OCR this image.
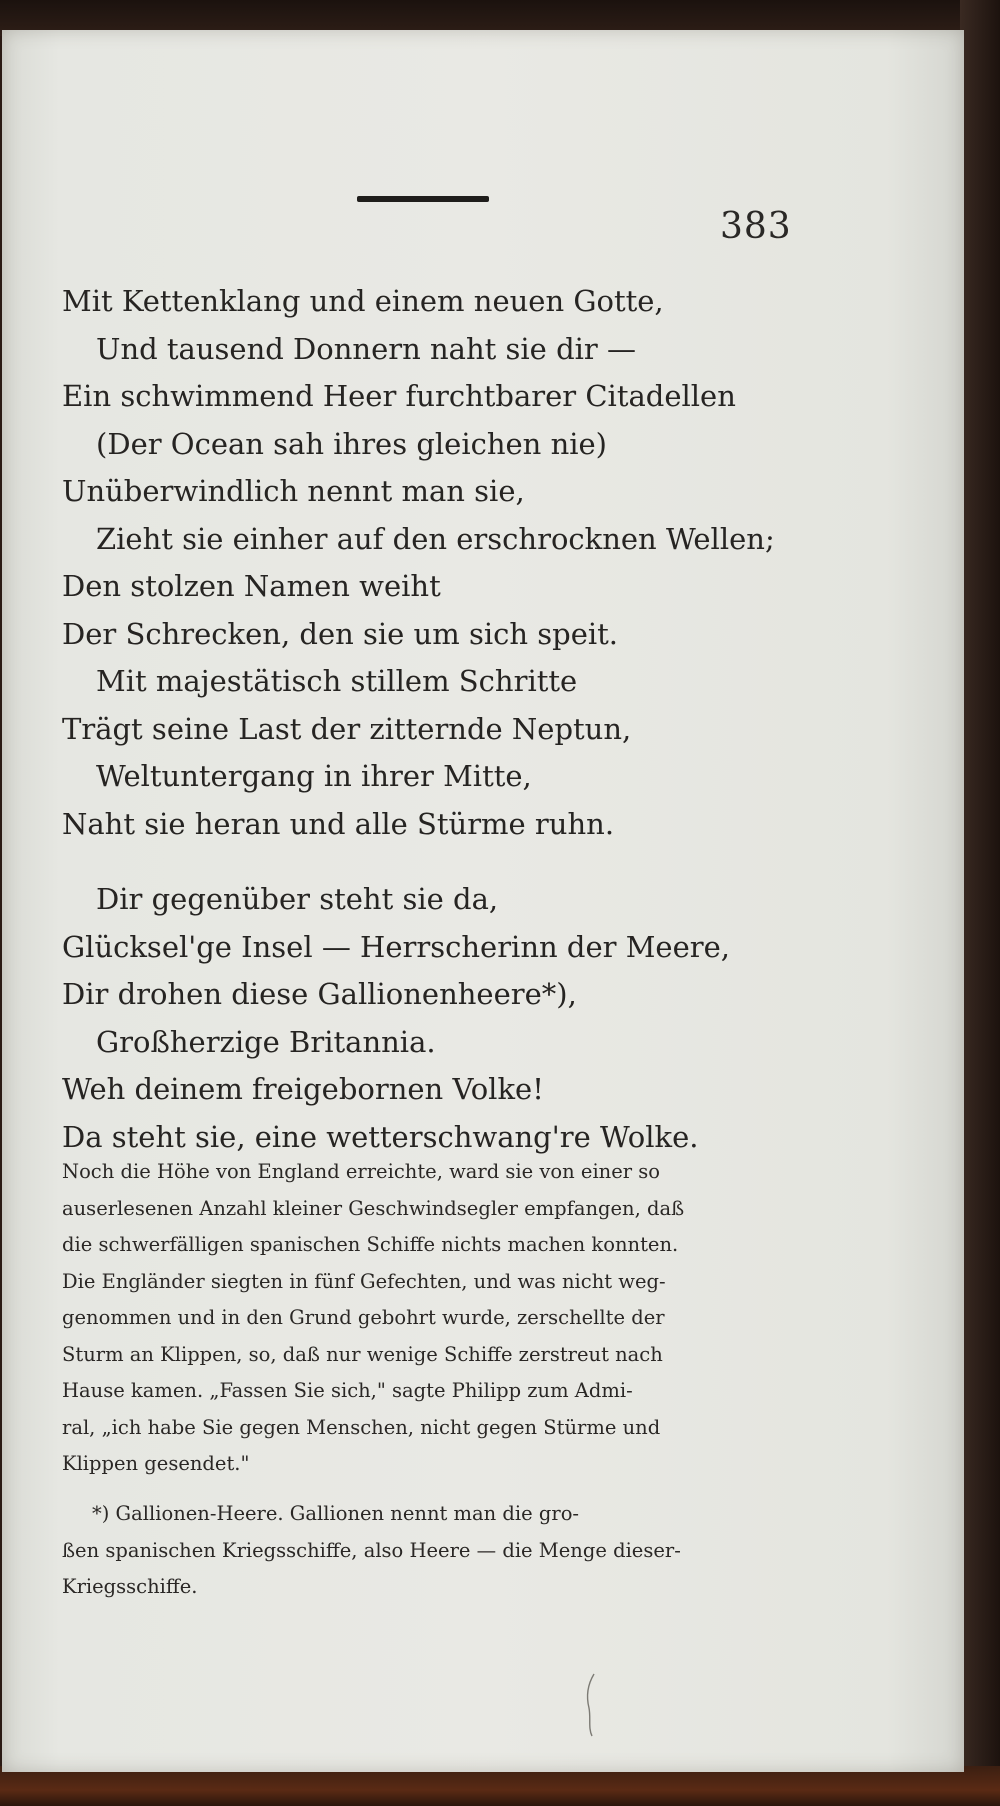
383
Mit Kettenklang und einem neuen Gotte,
Und tausend Donnern naht sie dir —
Ein schwimmend Heer furchtbarer Citadellen
(Der Ocean sah ihres gleichen nie)
Unüberwindlich nennt man sie,
Zieht sie einher auf den erschrocknen Wellen;
Den stolzen Namen weiht
Der Schrecken, den sie um sich speit.
Mit majestätisch stillem Schritte
Trägt seine Last der zitternde Neptun,
Weltuntergang in ihrer Mitte,
Naht sie heran und alle Stürme ruhn.
Dir gegenüber steht sie da,
Glücksel'ge Insel — Herrscherinn der Meere,
Dir drohen diese Gallionenheere*),
Großherzige Britannia.
Weh deinem freigebornen Volke!
Da steht sie, eine wetterschwang're Wolke.
Noch die Höhe von England erreichte, ward sie von einer so
auserlesenen Anzahl kleiner Geschwindsegler empfangen, daß
die schwerfälligen spanischen Schiffe nichts machen konnten.
Die Engländer siegten in fünf Gefechten, und was nicht weg-
genommen und in den Grund gebohrt wurde, zerschellte der
Sturm an Klippen, so, daß nur wenige Schiffe zerstreut nach
Hause kamen. „Fassen Sie sich," sagte Philipp zum Admi-
ral, „ich habe Sie gegen Menschen, nicht gegen Stürme und
Klippen gesendet."
*) Gallionen-Heere. Gallionen nennt man die gro-
ßen spanischen Kriegsschiffe, also Heere — die Menge dieser-
Kriegsschiffe.
